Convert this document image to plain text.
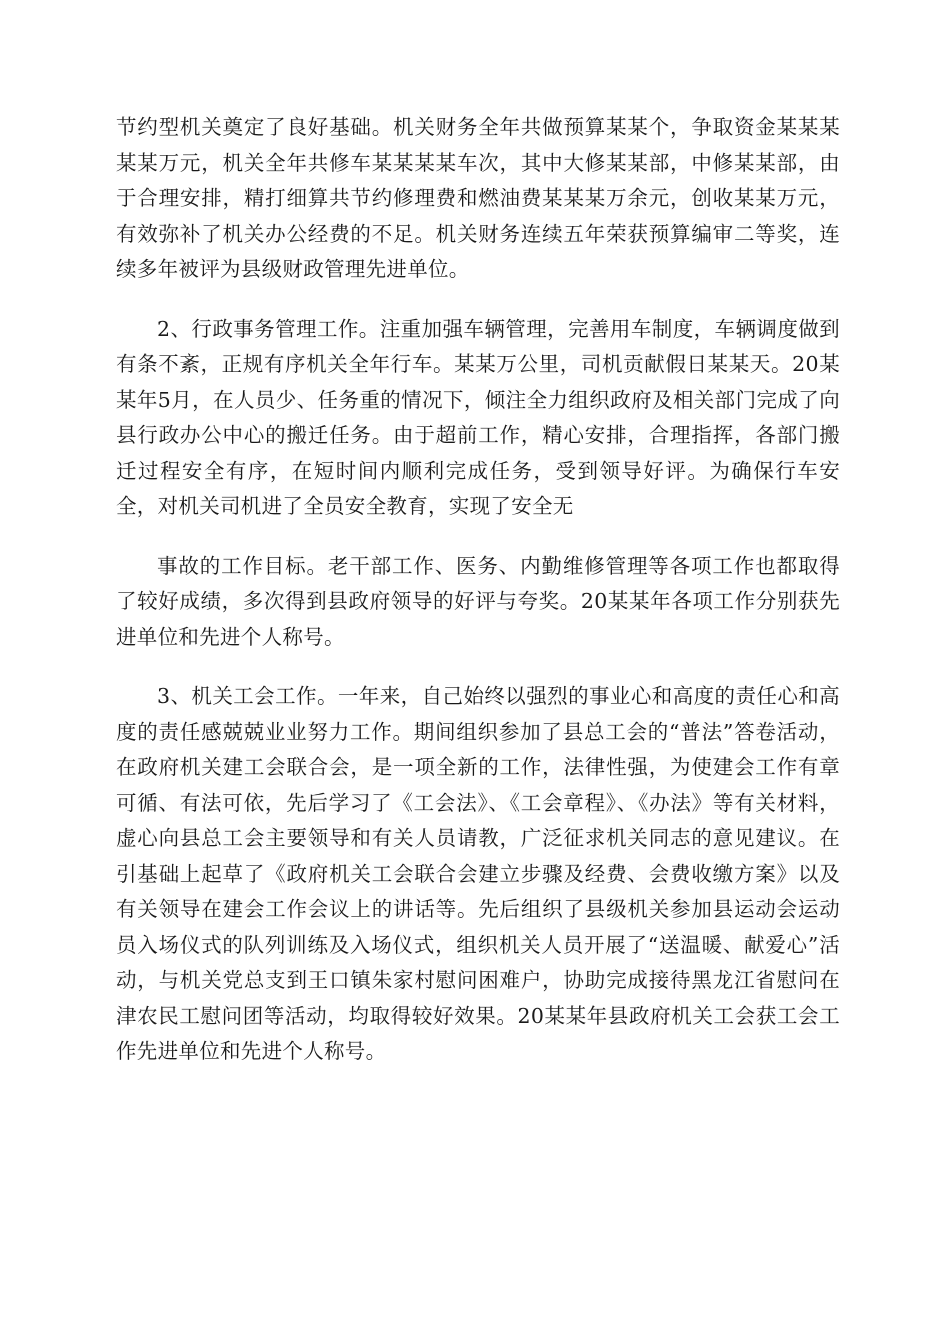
节约型机关奠定了良好基础。机关财务全年共做预算某某个，争取资金某某某某某万元，机关全年共修车某某某某车次，其中大修某某部，中修某某部，由于合理安排，精打细算共节约修理费和燃油费某某某万余元，创收某某万元，有效弥补了机关办公经费的不足。机关财务连续五年荣获预算编审二等奖，连续多年被评为县级财政管理先进单位。

2、行政事务管理工作。注重加强车辆管理，完善用车制度，车辆调度做到有条不紊，正规有序机关全年行车。某某万公里，司机贡献假日某某天。20某某年5月，在人员少、任务重的情况下，倾注全力组织政府及相关部门完成了向县行政办公中心的搬迁任务。由于超前工作，精心安排，合理指挥，各部门搬迁过程安全有序，在短时间内顺利完成任务，受到领导好评。为确保行车安全，对机关司机进了全员安全教育，实现了安全无

事故的工作目标。老干部工作、医务、内勤维修管理等各项工作也都取得了较好成绩，多次得到县政府领导的好评与夸奖。20某某年各项工作分别获先进单位和先进个人称号。

3、机关工会工作。一年来，自己始终以强烈的事业心和高度的责任心和高度的责任感兢兢业业努力工作。期间组织参加了县总工会的“普法”答卷活动，在政府机关建工会联合会，是一项全新的工作，法律性强，为使建会工作有章可循、有法可依，先后学习了《工会法》、《工会章程》、《办法》等有关材料，虚心向县总工会主要领导和有关人员请教，广泛征求机关同志的意见建议。在引基础上起草了《政府机关工会联合会建立步骤及经费、会费收缴方案》以及有关领导在建会工作会议上的讲话等。先后组织了县级机关参加县运动会运动员入场仪式的队列训练及入场仪式，组织机关人员开展了“送温暖、献爱心”活动，与机关党总支到王口镇朱家村慰问困难户，协助完成接待黑龙江省慰问在津农民工慰问团等活动，均取得较好效果。20某某年县政府机关工会获工会工作先进单位和先进个人称号。
